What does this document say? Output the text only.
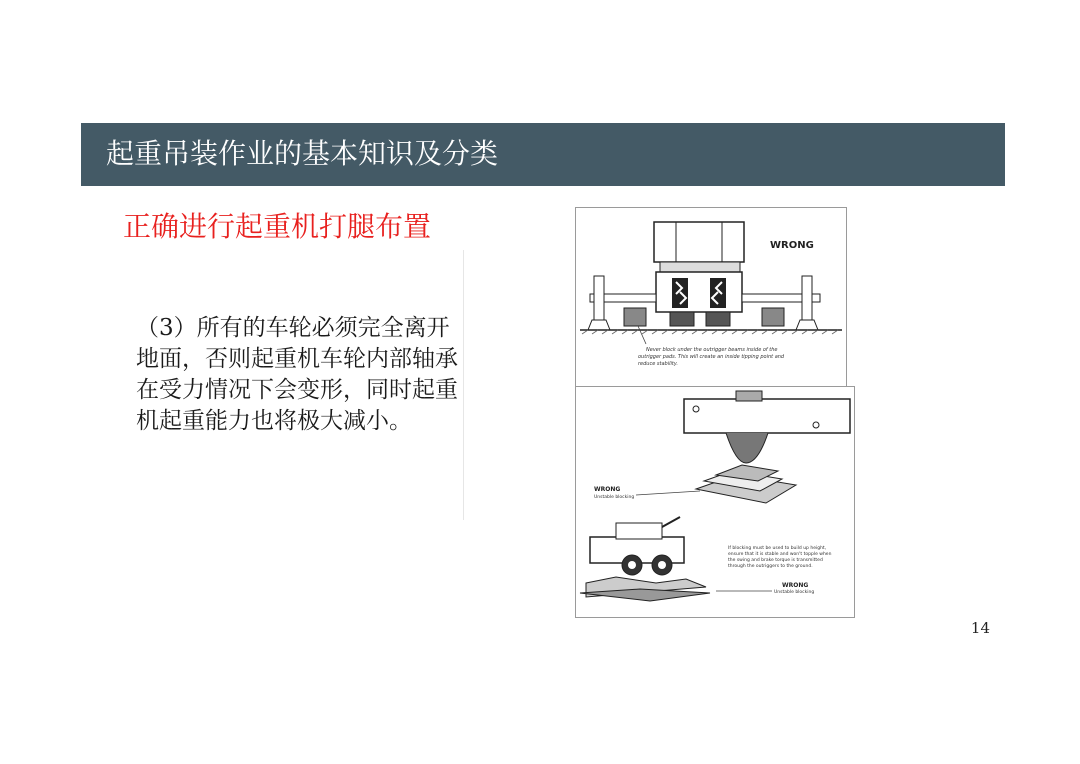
起重吊装作业的基本知识及分类
正确进行起重机打腿布置
（3）所有的车轮必须完全离开地面，否则起重机车轮内部轴承在受力情况下会变形，同时起重机起重能力也将极大减小。
WRONG
Never block under the outrigger beams inside of the
outrigger pads. This will create an inside tipping point and
reduce stability.
WRONG
Unstable blocking
If blocking must be used to build up height,
ensure that it is stable and won't topple when
the swing and brake torque is transmitted
through the outriggers to the ground.
WRONG
Unstable blocking
14
